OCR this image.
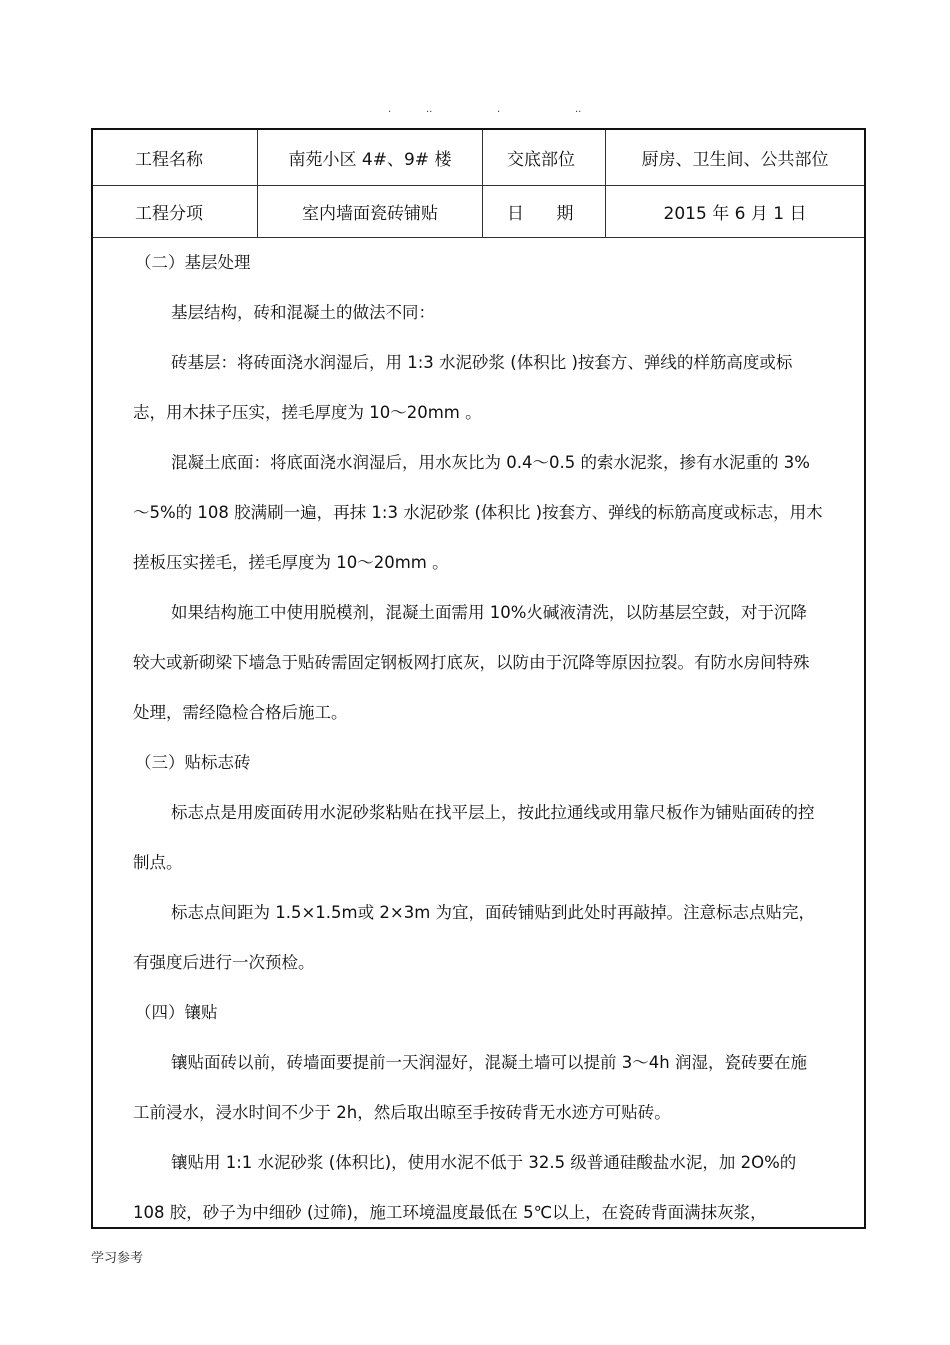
.	..	.	..
工程名称	南苑小区 4#、9# 楼	交底部位	厨房、卫生间、公共部位
工程分项	室内墙面瓷砖铺贴	日      期	2015 年 6 月 1 日

（二）基层处理

基层结构，砖和混凝土的做法不同：

砖基层：将砖面浇水润湿后，用 1:3 水泥砂浆 (体积比 )按套方、弹线的样筋高度或标志，用木抹子压实，搓毛厚度为 10～20mm 。

混凝土底面：将底面浇水润湿后，用水灰比为 0.4～0.5 的索水泥浆，掺有水泥重的 3%～5%的 108 胶满刷一遍，再抹 1:3 水泥砂浆 (体积比 )按套方、弹线的标筋高度或标志，用木搓板压实搓毛，搓毛厚度为 10～20mm 。

如果结构施工中使用脱模剂，混凝土面需用 10%火碱液清洗，以防基层空鼓，对于沉降较大或新砌梁下墙急于贴砖需固定钢板网打底灰，以防由于沉降等原因拉裂。有防水房间特殊处理，需经隐检合格后施工。

（三）贴标志砖

标志点是用废面砖用水泥砂浆粘贴在找平层上，按此拉通线或用靠尺板作为铺贴面砖的控制点。

标志点间距为 1.5×1.5m或 2×3m 为宜，面砖铺贴到此处时再敲掉。注意标志点贴完，有强度后进行一次预检。

（四）镶贴

镶贴面砖以前，砖墙面要提前一天润湿好，混凝土墙可以提前 3～4h 润湿，瓷砖要在施工前浸水，浸水时间不少于 2h，然后取出晾至手按砖背无水迹方可贴砖。

镶贴用 1:1 水泥砂浆 (体积比)，使用水泥不低于 32.5 级普通硅酸盐水泥，加 2O%的 108 胶，砂子为中细砂 (过筛)，施工环境温度最低在 5℃以上，在瓷砖背面满抹灰浆，

学习参考
